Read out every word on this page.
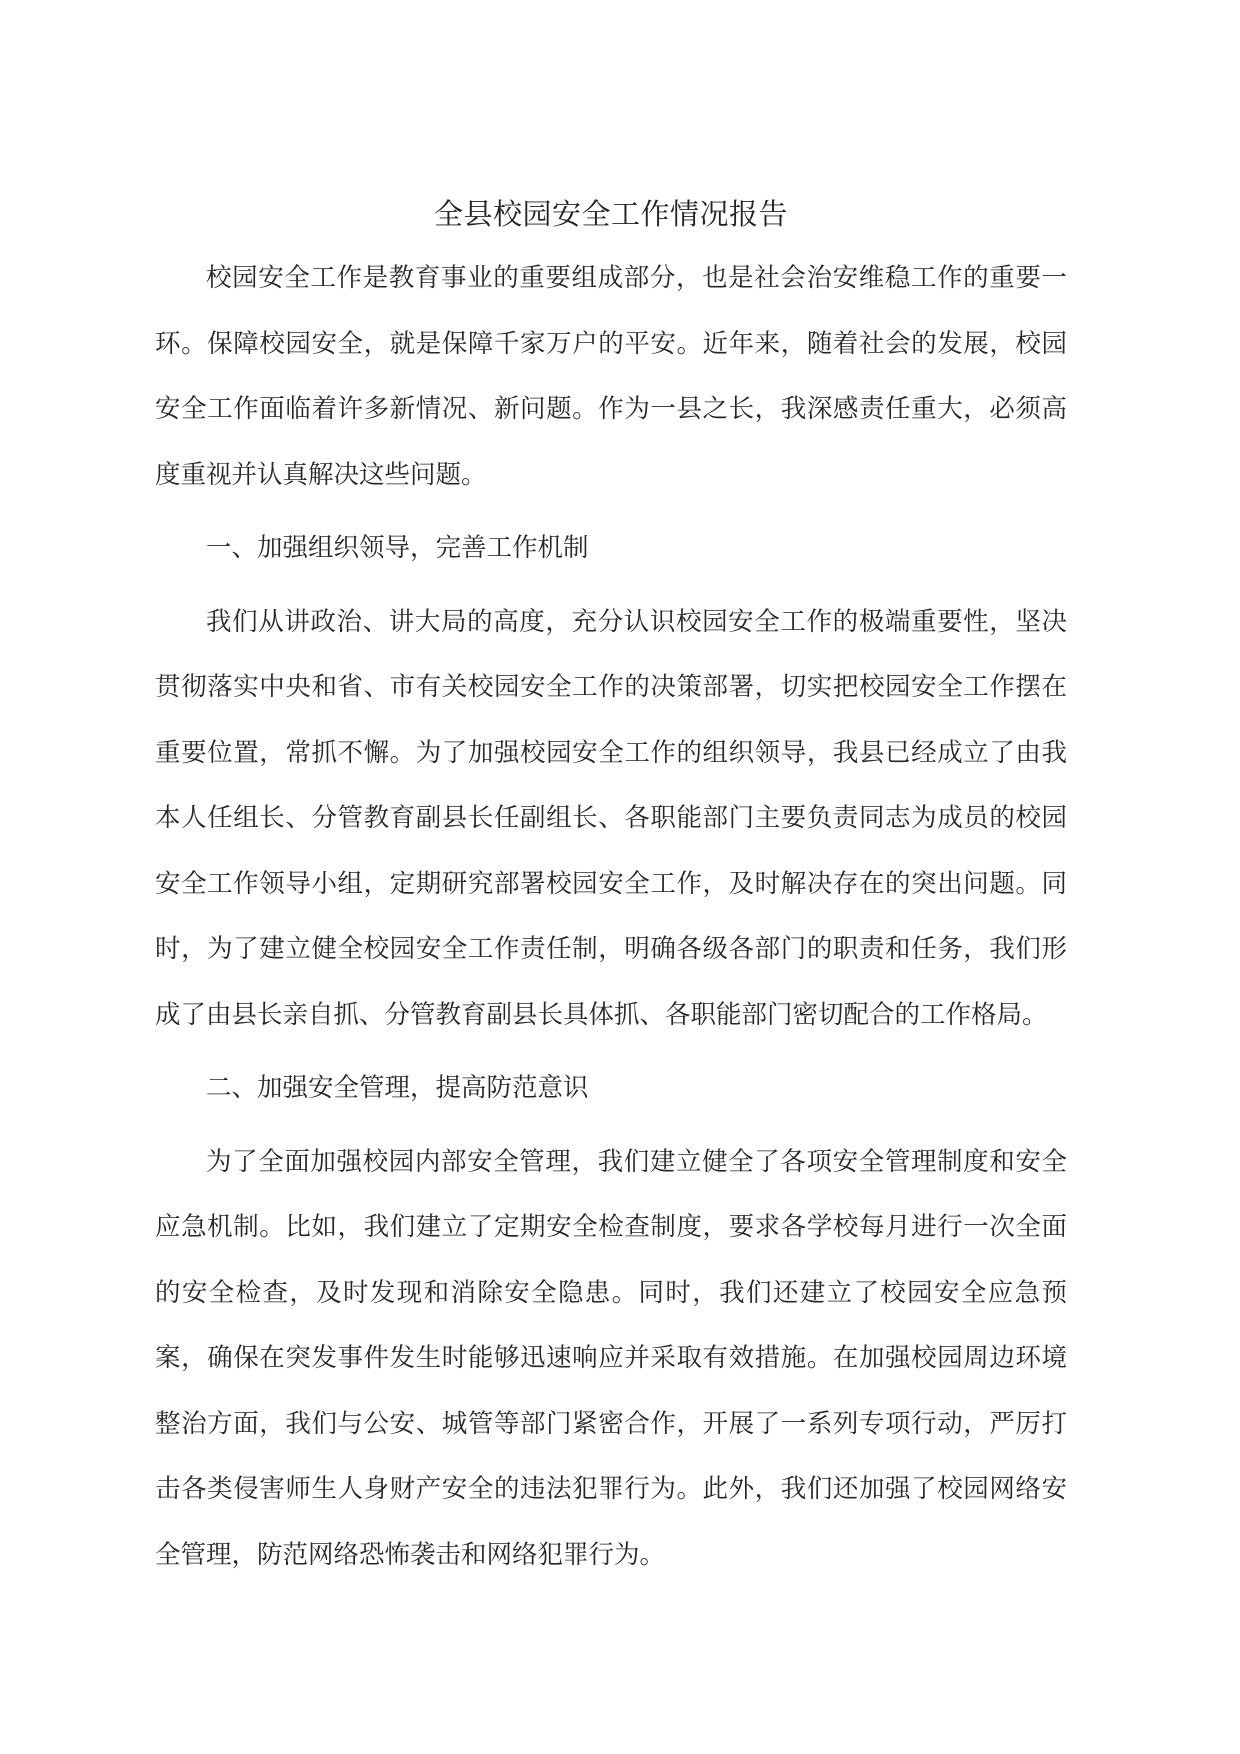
全县校园安全工作情况报告

校园安全工作是教育事业的重要组成部分，也是社会治安维稳工作的重要一环。保障校园安全，就是保障千家万户的平安。近年来，随着社会的发展，校园安全工作面临着许多新情况、新问题。作为一县之长，我深感责任重大，必须高度重视并认真解决这些问题。

一、加强组织领导，完善工作机制

我们从讲政治、讲大局的高度，充分认识校园安全工作的极端重要性，坚决贯彻落实中央和省、市有关校园安全工作的决策部署，切实把校园安全工作摆在重要位置，常抓不懈。为了加强校园安全工作的组织领导，我县已经成立了由我本人任组长、分管教育副县长任副组长、各职能部门主要负责同志为成员的校园安全工作领导小组，定期研究部署校园安全工作，及时解决存在的突出问题。同时，为了建立健全校园安全工作责任制，明确各级各部门的职责和任务，我们形成了由县长亲自抓、分管教育副县长具体抓、各职能部门密切配合的工作格局。

二、加强安全管理，提高防范意识

为了全面加强校园内部安全管理，我们建立健全了各项安全管理制度和安全应急机制。比如，我们建立了定期安全检查制度，要求各学校每月进行一次全面的安全检查，及时发现和消除安全隐患。同时，我们还建立了校园安全应急预案，确保在突发事件发生时能够迅速响应并采取有效措施。在加强校园周边环境整治方面，我们与公安、城管等部门紧密合作，开展了一系列专项行动，严厉打击各类侵害师生人身财产安全的违法犯罪行为。此外，我们还加强了校园网络安全管理，防范网络恐怖袭击和网络犯罪行为。
